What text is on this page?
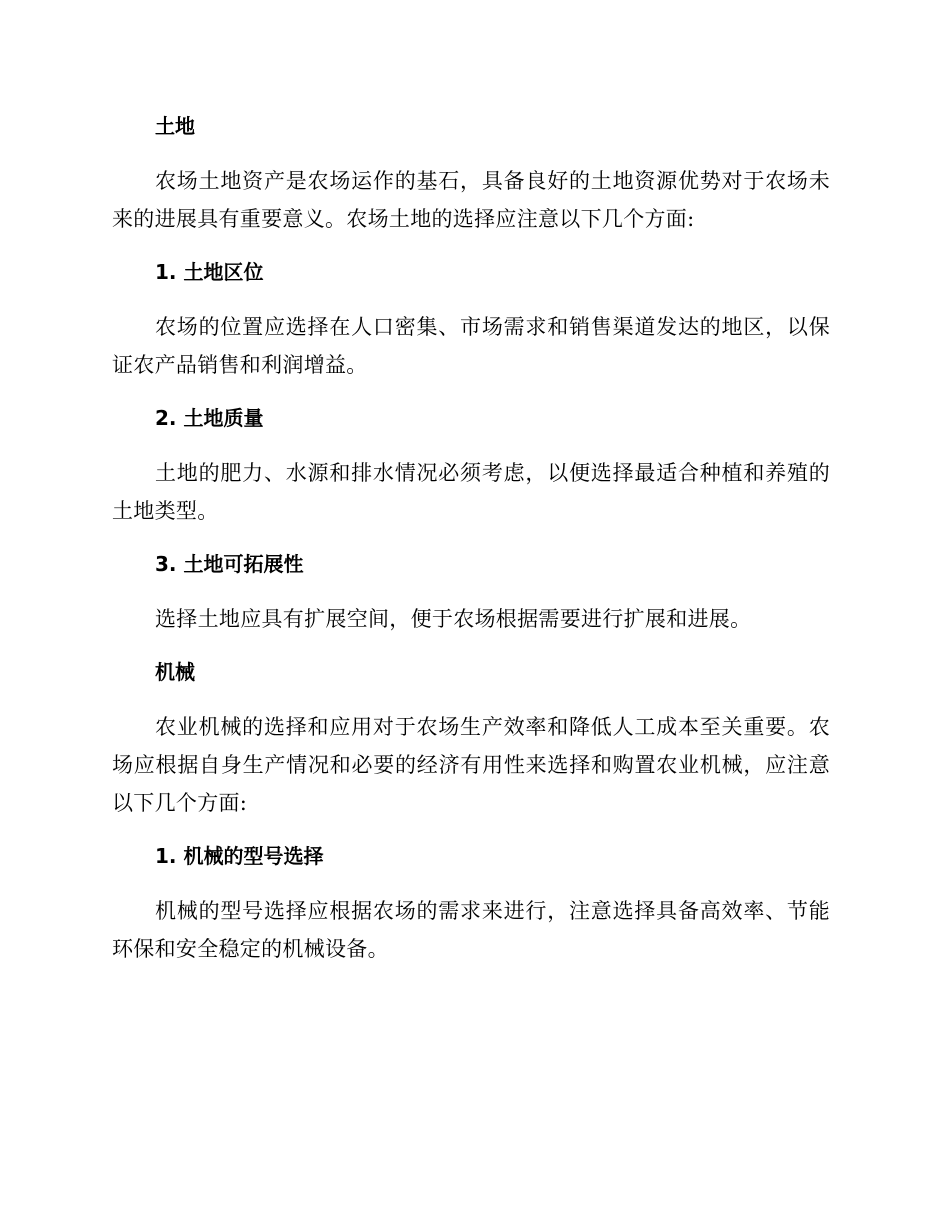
土地

农场土地资产是农场运作的基石，具备良好的土地资源优势对于农场未来的进展具有重要意义。农场土地的选择应注意以下几个方面:

1. 土地区位

农场的位置应选择在人口密集、市场需求和销售渠道发达的地区，以保证农产品销售和利润增益。

2. 土地质量

土地的肥力、水源和排水情况必须考虑，以便选择最适合种植和养殖的土地类型。

3. 土地可拓展性

选择土地应具有扩展空间，便于农场根据需要进行扩展和进展。

机械

农业机械的选择和应用对于农场生产效率和降低人工成本至关重要。农场应根据自身生产情况和必要的经济有用性来选择和购置农业机械，应注意以下几个方面:

1. 机械的型号选择

机械的型号选择应根据农场的需求来进行，注意选择具备高效率、节能环保和安全稳定的机械设备。
